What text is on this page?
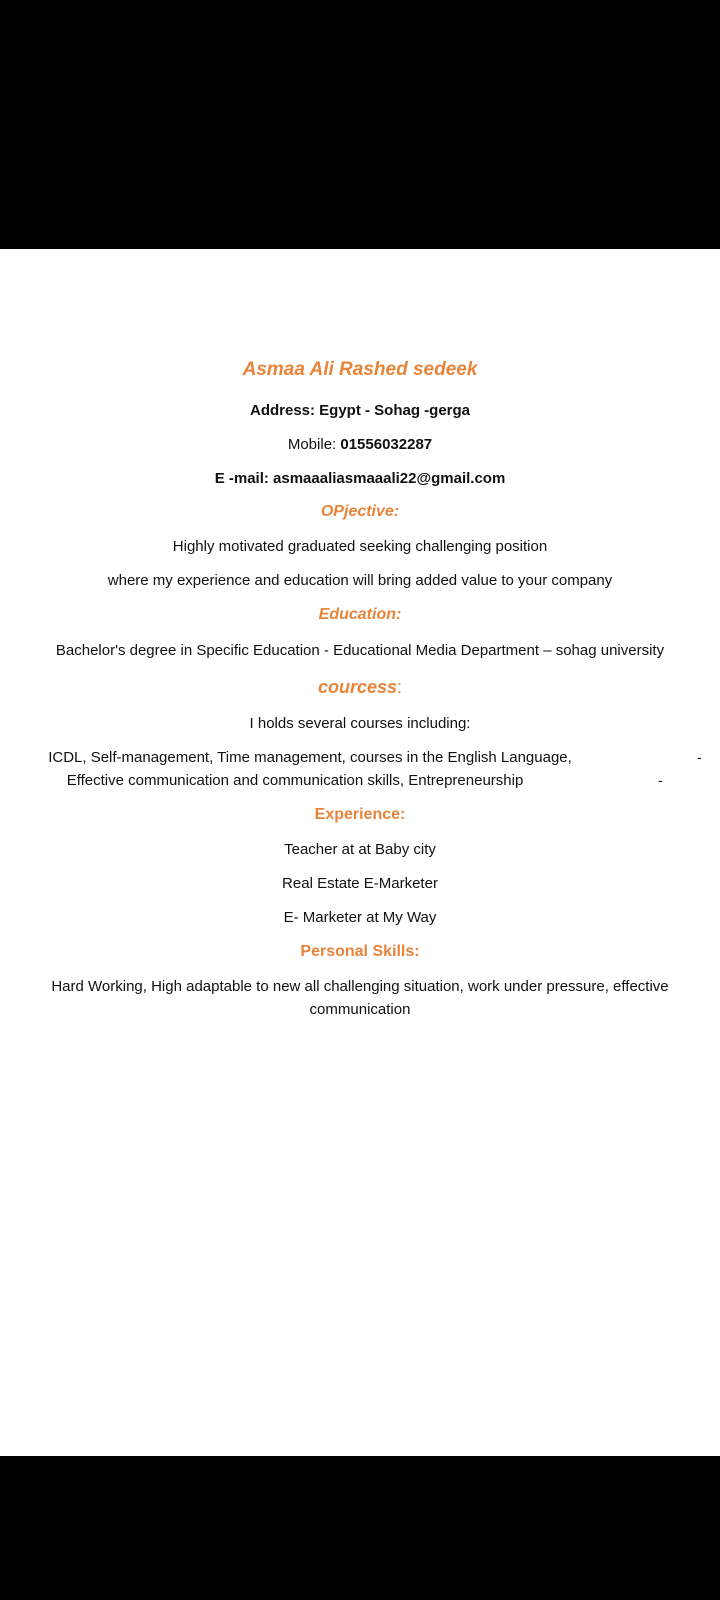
Asmaa Ali Rashed sedeek
Address: Egypt - Sohag -gerga
Mobile: 01556032287
E -mail: asmaaaliasmaaali22@gmail.com
OPjective:
Highly motivated graduated seeking challenging position
where my experience and education will bring added value to your company
Education:
Bachelor's degree in Specific Education - Educational Media Department – sohag university
courcess:
I holds several courses including:
ICDL, Self-management, Time management, courses in the English Language,	-
Effective communication and communication skills, Entrepreneurship	-
Experience:
Teacher at at Baby city
Real Estate E-Marketer
E- Marketer at My Way
Personal Skills:
Hard Working, High adaptable to new all challenging situation, work under pressure, effective
communication
